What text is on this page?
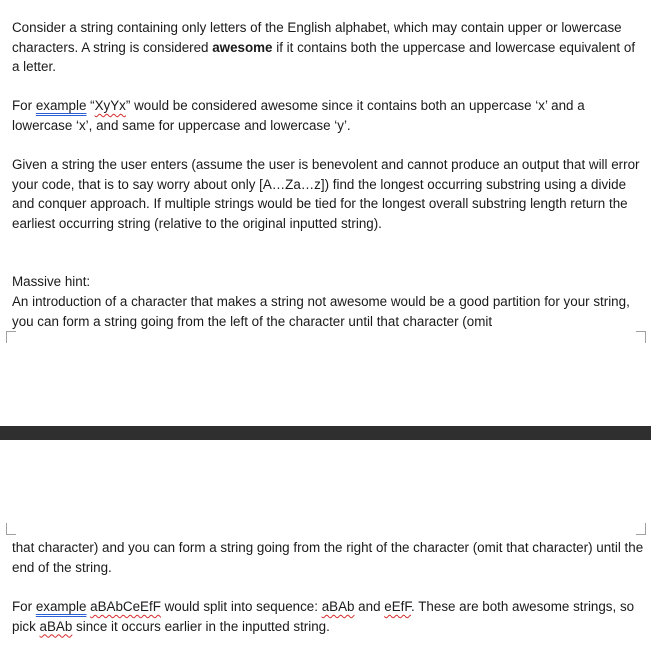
Consider a string containing only letters of the English alphabet, which may contain upper or lowercase characters. A string is considered awesome if it contains both the uppercase and lowercase equivalent of a letter.

For example “XyYx” would be considered awesome since it contains both an uppercase ‘x’ and a lowercase ‘x’, and same for uppercase and lowercase ‘y’.

Given a string the user enters (assume the user is benevolent and cannot produce an output that will error your code, that is to say worry about only [A…Za…z]) find the longest occurring substring using a divide and conquer approach. If multiple strings would be tied for the longest overall substring length return the earliest occurring string (relative to the original inputted string).

Massive hint:

An introduction of a character that makes a string not awesome would be a good partition for your string, you can form a string going from the left of the character until that character (omit

that character) and you can form a string going from the right of the character (omit that character) until the end of the string.

For example aBAbCeEfF would split into sequence: aBAb and eEfF. These are both awesome strings, so pick aBAb since it occurs earlier in the inputted string.
